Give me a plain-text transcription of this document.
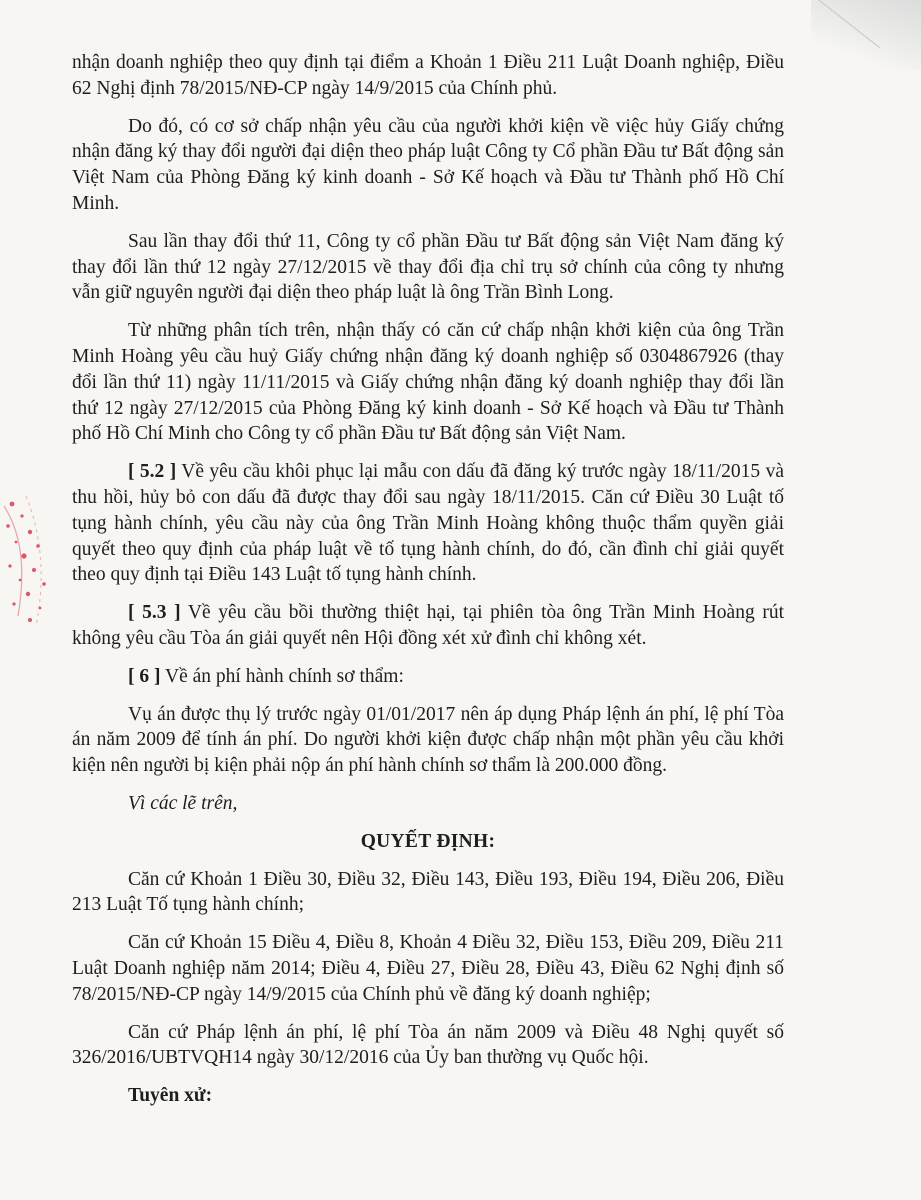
nhận doanh nghiệp theo quy định tại điểm a Khoản 1 Điều 211 Luật Doanh nghiệp, Điều 62 Nghị định 78/2015/NĐ-CP ngày 14/9/2015 của Chính phủ.

Do đó, có cơ sở chấp nhận yêu cầu của người khởi kiện về việc hủy Giấy chứng nhận đăng ký thay đổi người đại diện theo pháp luật Công ty Cổ phần Đầu tư Bất động sản Việt Nam của Phòng Đăng ký kinh doanh - Sở Kế hoạch và Đầu tư Thành phố Hồ Chí Minh.

Sau lần thay đổi thứ 11, Công ty cổ phần Đầu tư Bất động sản Việt Nam đăng ký thay đổi lần thứ 12 ngày 27/12/2015 về thay đổi địa chỉ trụ sở chính của công ty nhưng vẫn giữ nguyên người đại diện theo pháp luật là ông Trần Bình Long.

Từ những phân tích trên, nhận thấy có căn cứ chấp nhận khởi kiện của ông Trần Minh Hoàng yêu cầu huỷ Giấy chứng nhận đăng ký doanh nghiệp số 0304867926 (thay đổi lần thứ 11) ngày 11/11/2015 và Giấy chứng nhận đăng ký doanh nghiệp thay đổi lần thứ 12 ngày 27/12/2015 của Phòng Đăng ký kinh doanh - Sở Kế hoạch và Đầu tư Thành phố Hồ Chí Minh cho Công ty cổ phần Đầu tư Bất động sản Việt Nam.

[ 5.2 ] Về yêu cầu khôi phục lại mẫu con dấu đã đăng ký trước ngày 18/11/2015 và thu hồi, hủy bỏ con dấu đã được thay đổi sau ngày 18/11/2015. Căn cứ Điều 30 Luật tố tụng hành chính, yêu cầu này của ông Trần Minh Hoàng không thuộc thẩm quyền giải quyết theo quy định của pháp luật về tố tụng hành chính, do đó, cần đình chỉ giải quyết theo quy định tại Điều 143 Luật tố tụng hành chính.

[ 5.3 ] Về yêu cầu bồi thường thiệt hại, tại phiên tòa ông Trần Minh Hoàng rút không yêu cầu Tòa án giải quyết nên Hội đồng xét xử đình chỉ không xét.

[ 6 ] Về án phí hành chính sơ thẩm:

Vụ án được thụ lý trước ngày 01/01/2017 nên áp dụng Pháp lệnh án phí, lệ phí Tòa án năm 2009 để tính án phí. Do người khởi kiện được chấp nhận một phần yêu cầu khởi kiện nên người bị kiện phải nộp án phí hành chính sơ thẩm là 200.000 đồng.

Vì các lẽ trên,

QUYẾT ĐỊNH:

Căn cứ Khoản 1 Điều 30, Điều 32, Điều 143, Điều 193, Điều 194, Điều 206, Điều 213 Luật Tố tụng hành chính;

Căn cứ Khoản 15 Điều 4, Điều 8, Khoản 4 Điều 32, Điều 153, Điều 209, Điều 211 Luật Doanh nghiệp năm 2014; Điều 4, Điều 27, Điều 28, Điều 43, Điều 62 Nghị định số 78/2015/NĐ-CP ngày 14/9/2015 của Chính phủ về đăng ký doanh nghiệp;

Căn cứ Pháp lệnh án phí, lệ phí Tòa án năm 2009 và Điều 48 Nghị quyết số 326/2016/UBTVQH14 ngày 30/12/2016 của Ủy ban thường vụ Quốc hội.

Tuyên xử:
